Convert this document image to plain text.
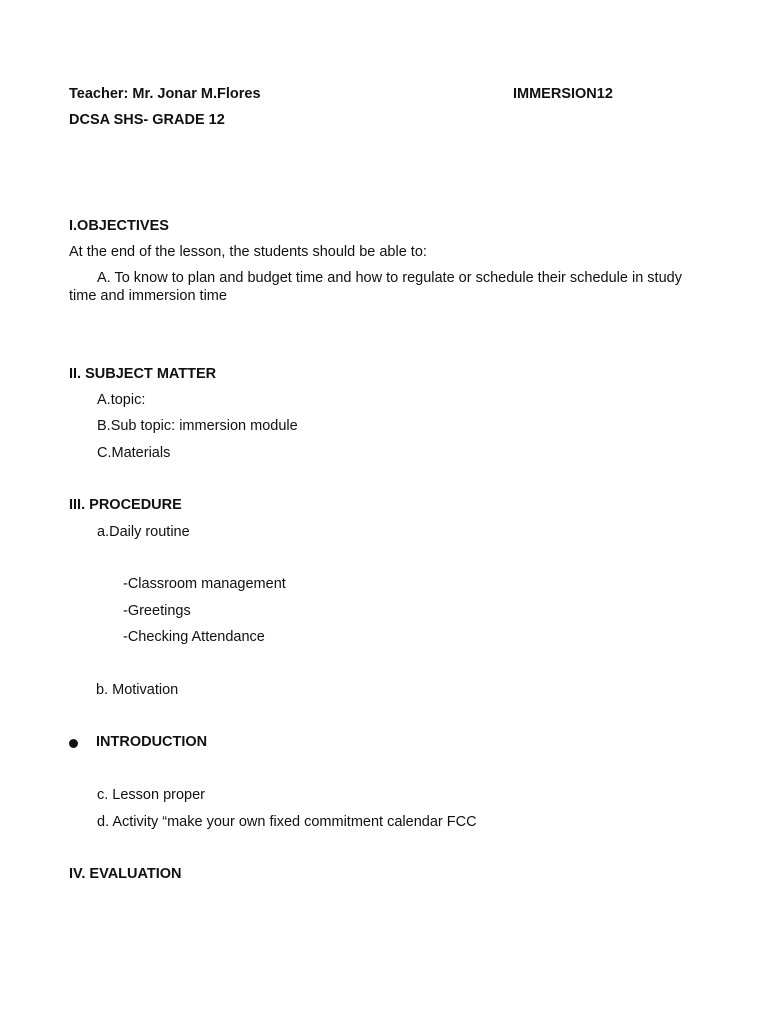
Teacher: Mr. Jonar M.Flores	IMMERSION12
DCSA SHS- GRADE 12
I.OBJECTIVES
At the end of the lesson, the students should be able to:
A. To know to plan and budget time and how to regulate or schedule their schedule in study time and immersion time
II. SUBJECT MATTER
A.topic:
B.Sub topic: immersion module
C.Materials
III. PROCEDURE
a.Daily routine
-Classroom management
-Greetings
-Checking Attendance
b. Motivation
INTRODUCTION
c. Lesson proper
d. Activity “make your own fixed commitment calendar FCC
IV. EVALUATION
